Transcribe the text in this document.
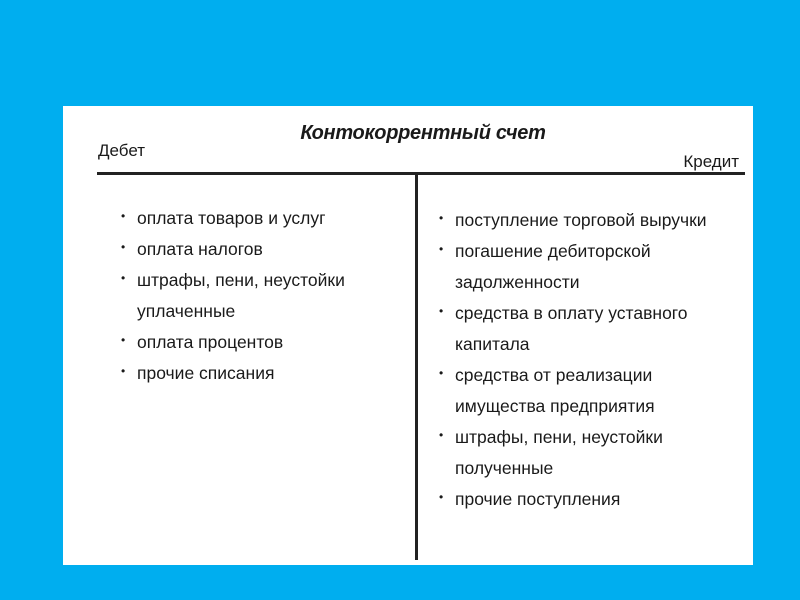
Контокоррентный счет
Дебет
Кредит
• оплата товаров и услуг
• оплата налогов
• штрафы, пени, неустойки уплаченные
• оплата процентов
• прочие списания
• поступление торговой выручки
• погашение дебиторской задолженности
• средства в оплату уставного капитала
• средства от реализации имущества предприятия
• штрафы, пени, неустойки полученные
• прочие поступления
